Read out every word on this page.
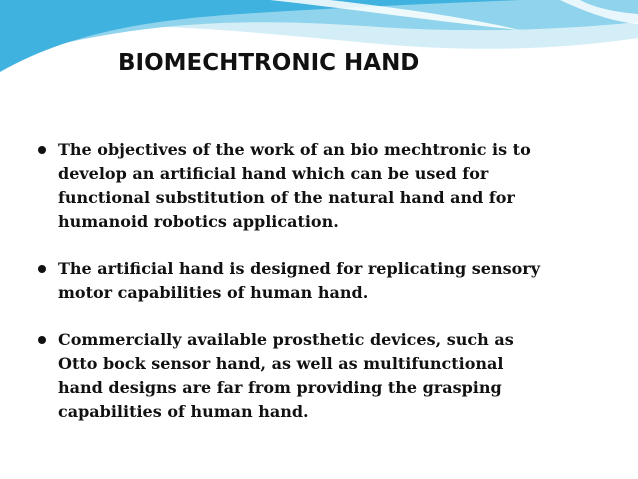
BIOMECHTRONIC HAND
The objectives of the work of an bio mechtronic is to
develop an artificial hand which can be used for
functional substitution of the natural hand and for
humanoid robotics application.
The artificial hand is designed for replicating sensory
motor capabilities of human hand.
Commercially available prosthetic devices, such as
Otto bock sensor hand, as well as multifunctional
hand designs are far from providing the grasping
capabilities of human hand.
